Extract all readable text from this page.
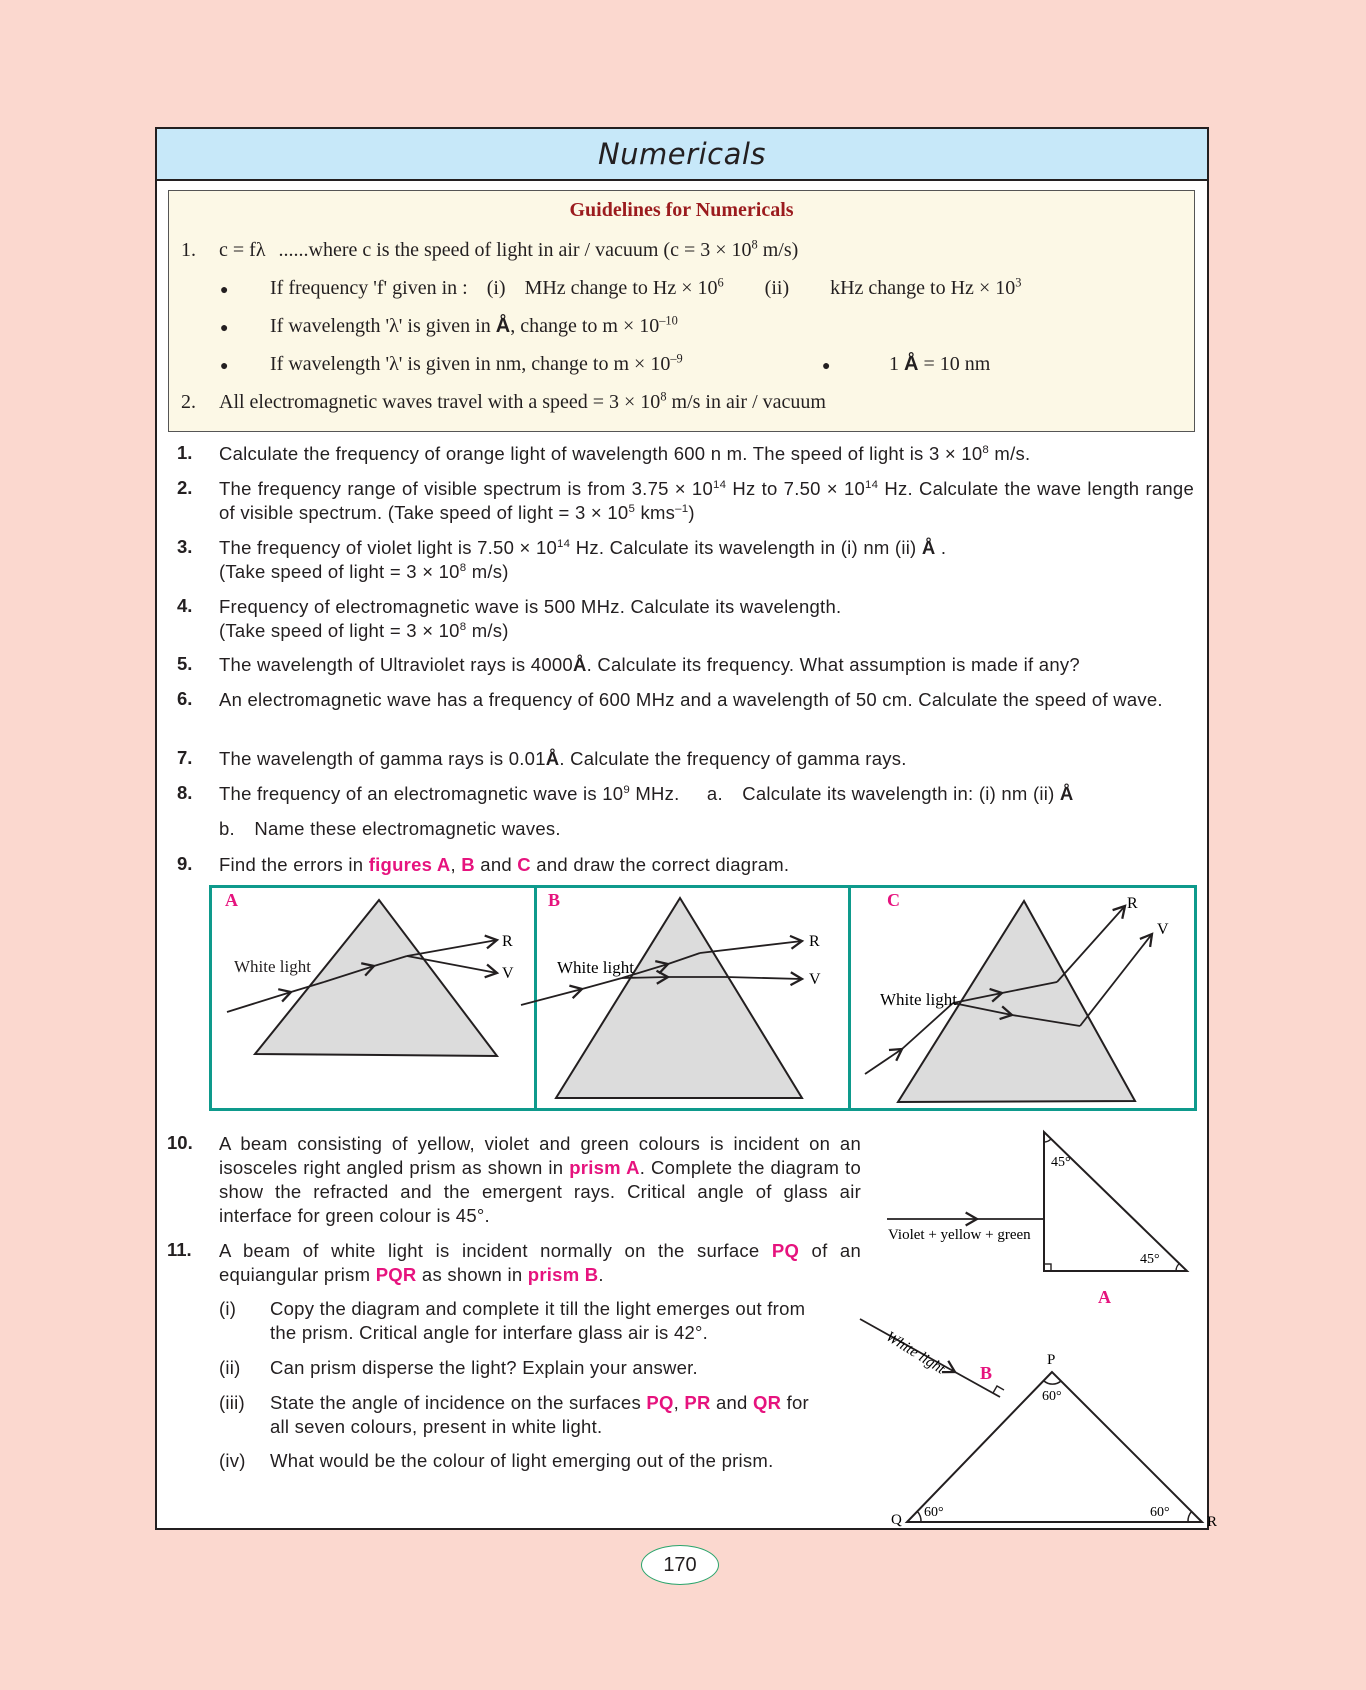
Numericals
Guidelines for Numericals
1. c = fλ ......where c is the speed of light in air / vacuum ($c = 3 \times 10^8$ m/s)
● If frequency 'f' given in : (i) MHz change to $Hz \times 10^6$ (ii) kHz change to $Hz \times 10^3$
● If wavelength 'λ' is given in Å, change to $m \times 10^{-10}$
● If wavelength 'λ' is given in nm, change to $m \times 10^{-9}$
●	1 Å = 10 nm
2. All electromagnetic waves travel with a speed = $3 \times 10^8$ m/s in air / vacuum
1. Calculate the frequency of orange light of wavelength 600 n m. The speed of light is $3 \times 10^8$ m/s.
2. The frequency range of visible spectrum is from $3.75 \times 10^{14}$ Hz to $7.50 \times 10^{14}$ Hz. Calculate the wave length range of visible spectrum. (Take speed of light = $3 \times 10^5$ kms$^{-1}$)
3. The frequency of violet light is $7.50 \times 10^{14}$ Hz. Calculate its wavelength in (i) nm (ii) Å .
(Take speed of light = $3 \times 10^8$ m/s)
4. Frequency of electromagnetic wave is 500 MHz. Calculate its wavelength.
(Take speed of light = $3 \times 10^8$ m/s)
5. The wavelength of Ultraviolet rays is 4000Å. Calculate its frequency. What assumption is made if any?
6. An electromagnetic wave has a frequency of 600 MHz and a wavelength of 50 cm. Calculate the speed of wave.
7. The wavelength of gamma rays is 0.01Å. Calculate the frequency of gamma rays.
8. The frequency of an electromagnetic wave is $10^9$ MHz. a. Calculate its wavelength in: (i) nm (ii) Å
b. Name these electromagnetic waves.
9. Find the errors in figures A, B and C and draw the correct diagram.
A
White light
R
V
B
White light
R
V
C
White light
R
V
10. A beam consisting of yellow, violet and green colours is incident on an isosceles right angled prism as shown in prism A. Complete the diagram to show the refracted and the emergent rays. Critical angle of glass air interface for green colour is 45°.
11. A beam of white light is incident normally on the surface PQ of an equiangular prism PQR as shown in prism B.
(i) Copy the diagram and complete it till the light emerges out from the prism. Critical angle for interfare glass air is 42°.
(ii) Can prism disperse the light? Explain your answer.
(iii) State the angle of incidence on the surfaces PQ, PR and QR for all seven colours, present in white light.
(iv) What would be the colour of light emerging out of the prism.
45°
45°
Violet + yellow + green
A
P
Q	R
60°
60°	60°
B
White light
170
